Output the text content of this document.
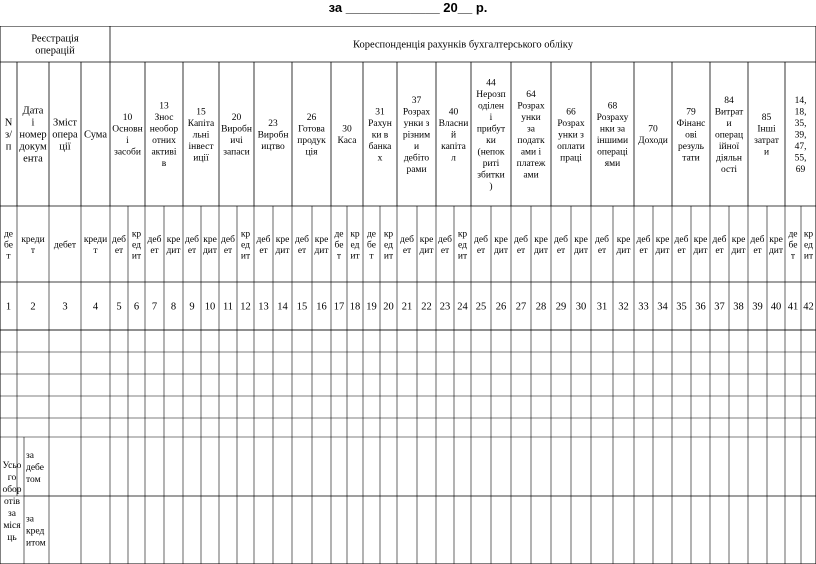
за _____________ 20__ р.
Реєстрація операцій
Кореспонденція рахунків бухгалтерського обліку
N з/ п
Дата і номер докум ента
Зміст опера ції
Сума
10 Основн і засоби
13 Знос необор отних активі в
15 Капіта льні інвест иції
20 Виробн ичі запаси
23 Виробн ицтво
26 Готова продук ція
30 Каса
31 Рахун ки в банка х
37 Розрах унки з різним и дебіто рами
40 Власни й капіта л
44 Нерозп оділен і прибут ки (непок риті збитки )
64 Розрах унки за податк ами і платеж ами
66 Розрах унки з оплати праці
68 Розраху нки за іншими операці ями
70 Доходи
79 Фінанс ові резуль тати
84 Витрат и операц ійної діяльн ості
85 Інші затрат и
14, 18, 35, 39, 47, 55, 69
де бе т
креди т
дебет
креди т
деб ет
кр ед ит
деб ет
кре дит
деб ет
кре дит
деб ет
кр ед ит
деб ет
кре дит
деб ет
кре дит
де бе т
кр ед ит
де бе т
кр ед ит
деб ет
кре дит
деб ет
кр ед ит
деб ет
кре дит
деб ет
кре дит
деб ет
кре дит
деб ет
кре дит
деб ет
кре дит
деб ет
кре дит
деб ет
кре дит
деб ет
кре дит
де бе т
кр ед ит
1 2	3 4 5 6 7 8 9 10 11 12 13 14 15 16 17 18 19 20 21 22 23 24 25 26 27 28 29 30 31 32 33 34 35 36 37 38 39 40 41 42
Усьо го обор отів за міся ць
за дебе том
за кред итом
